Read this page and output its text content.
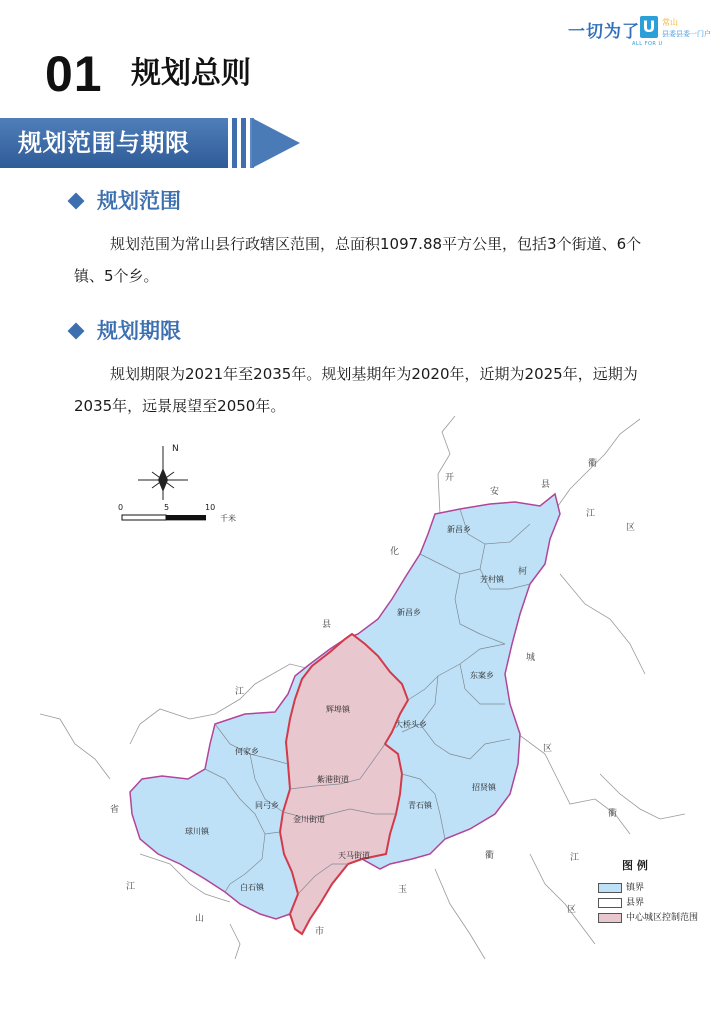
一切为了 U
ALL FOR U
常山
县委县委一门户
01 规划总则
规划范围与期限
规划范围

规划范围为常山县行政辖区范围，总面积1097.88平方公里，包括3个街道、6个镇、5个乡。

规划期限

规划期限为2021年至2035年。规划基期年为2020年，近期为2025年，远期为2035年，远景展望至2050年。

N
0	5	10
千米
衢
江
区
开
化
县
安
县
柯
城
区
衢
江
区
衢
江
省
江
山
市
玉
新昌乡
芳村镇
新昌乡
东案乡
辉埠镇
大桥头乡
同弓乡
紫港街道
天马街道
金川街道
青石镇
招贤镇
球川镇
白石镇
何家乡
图 例
镇界
县界
中心城区控制范围
